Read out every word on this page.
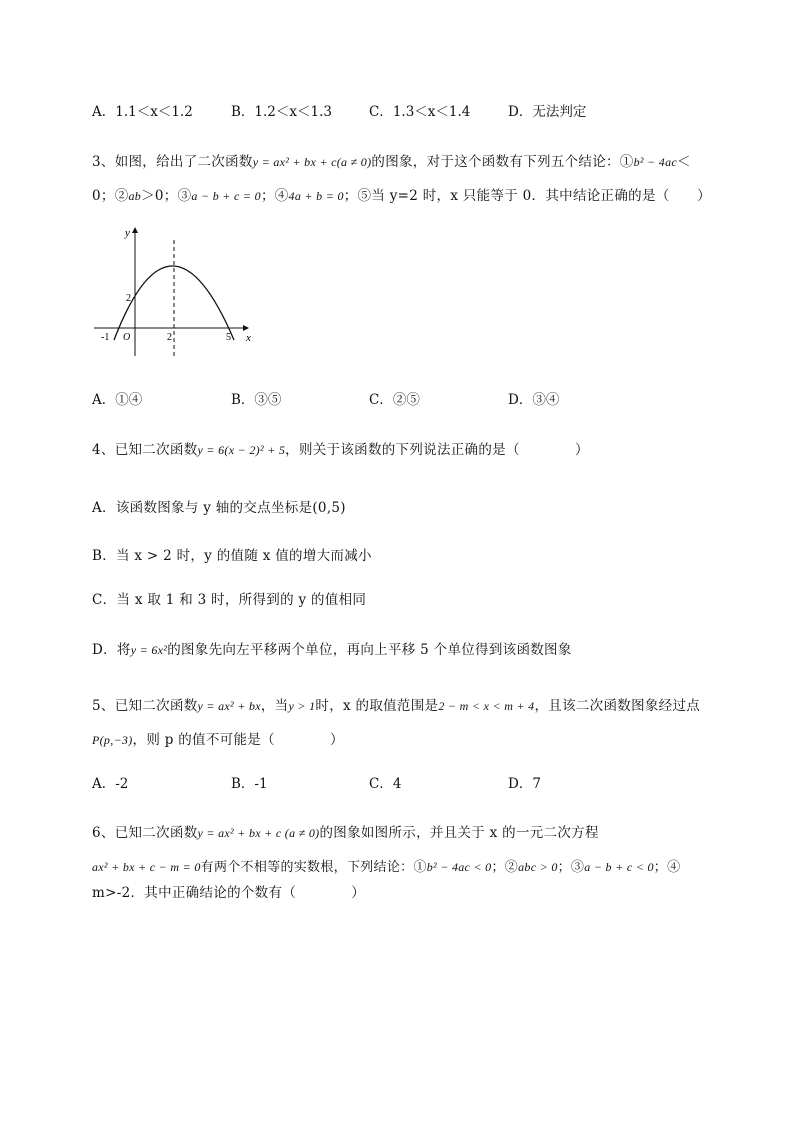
A．1.1＜x＜1.2	B．1.2＜x＜1.3	C．1.3＜x＜1.4	D．无法判定
3、如图，给出了二次函数y = ax² + bx + c(a ≠ 0)的图象，对于这个函数有下列五个结论：①b² − 4ac＜
0；②ab＞0；③a − b + c = 0；④4a + b = 0；⑤当 y=2 时，x 只能等于 0．其中结论正确的是（　　）
y
x
2
2	5
-1 O
A．①④	B．③⑤	C．②⑤	D．③④
4、已知二次函数y = 6(x − 2)² + 5，则关于该函数的下列说法正确的是（　　　　）
A．该函数图象与 y 轴的交点坐标是(0,5)
B．当 x > 2 时，y 的值随 x 值的增大而减小
C．当 x 取 1 和 3 时，所得到的 y 的值相同
D．将y = 6x²的图象先向左平移两个单位，再向上平移 5 个单位得到该函数图象
5、已知二次函数y = ax² + bx，当y > 1时，x 的取值范围是2 − m < x < m + 4，且该二次函数图象经过点
P(p,−3)，则 p 的值不可能是（　　　　）
A．-2	B．-1	C．4	D．7
6、已知二次函数y = ax² + bx + c (a ≠ 0)的图象如图所示，并且关于 x 的一元二次方程
ax² + bx + c − m = 0有两个不相等的实数根，下列结论：①b² − 4ac < 0；②abc > 0；③a − b + c < 0；④
m>-2．其中正确结论的个数有（　　　　）
